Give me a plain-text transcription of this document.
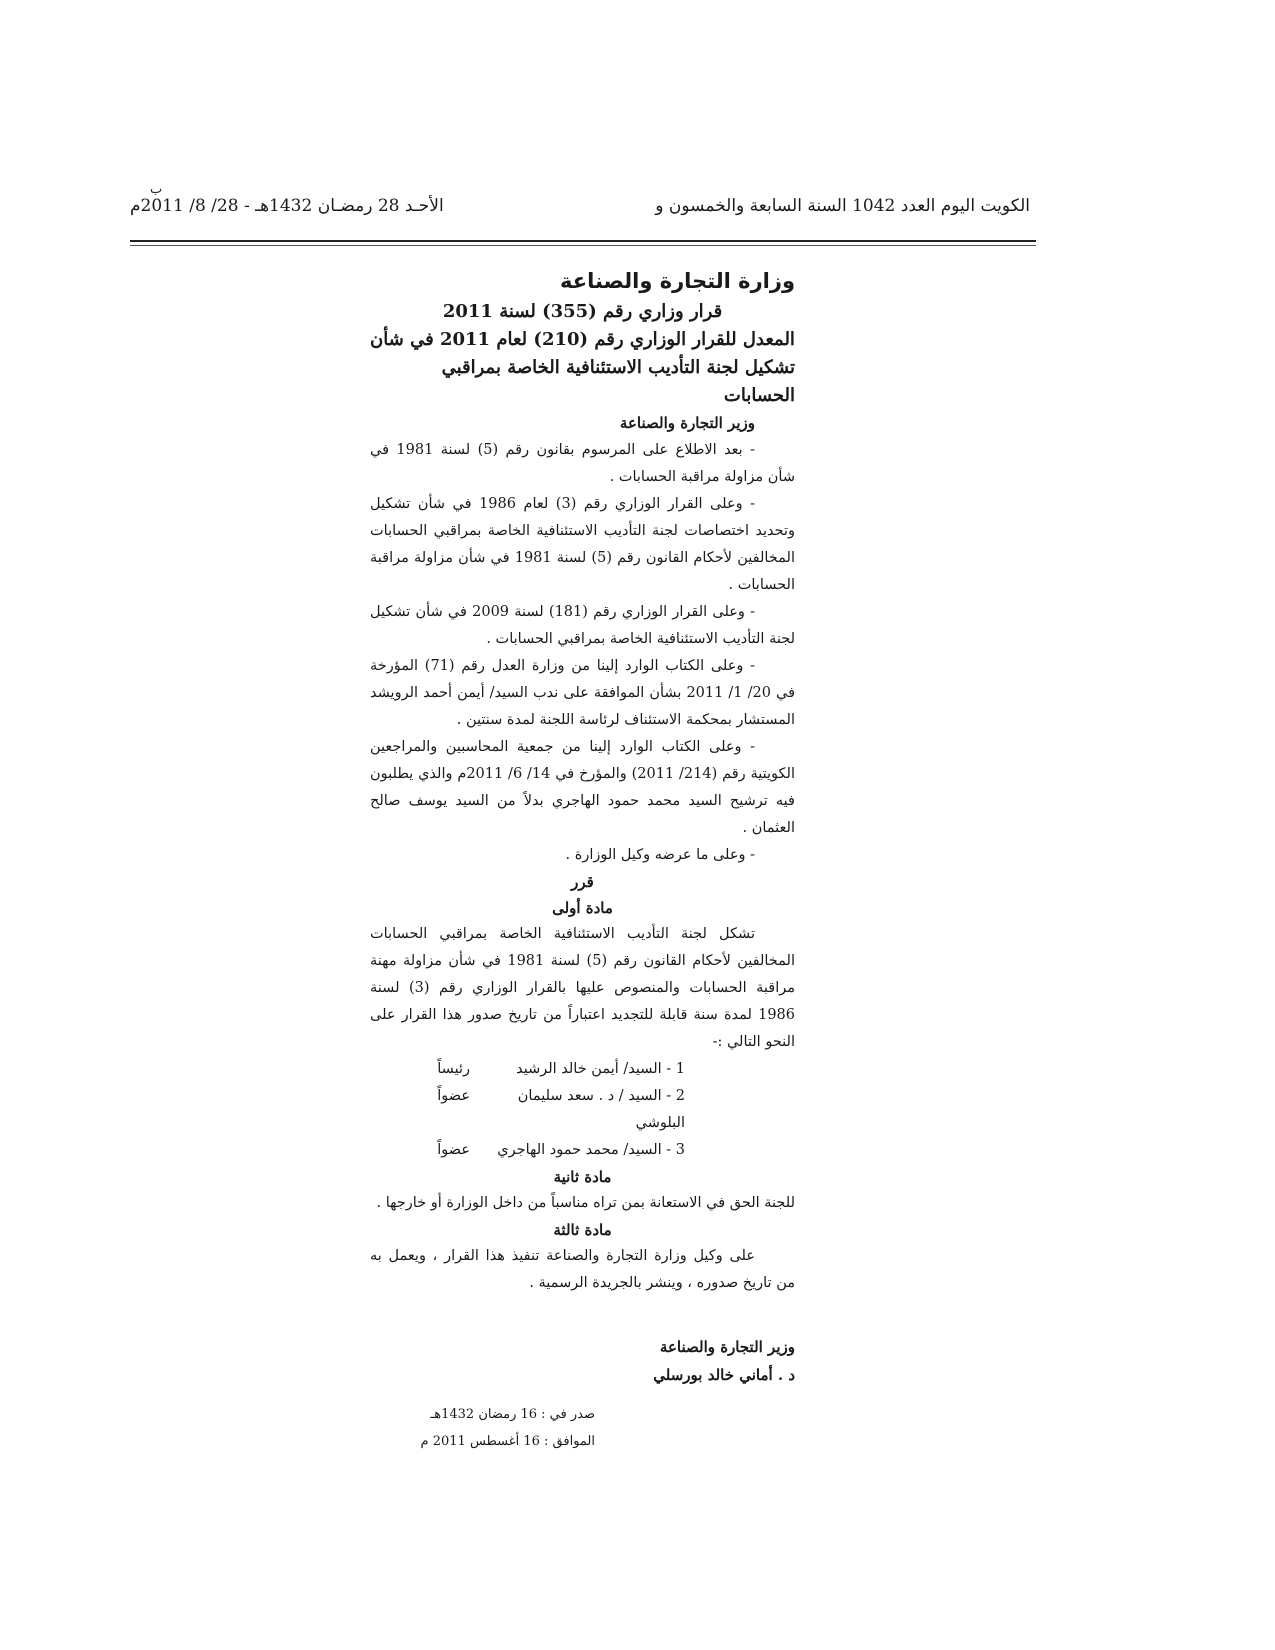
ب
الكويت اليوم العدد 1042 السنة السابعة والخمسون و
الأحـد 28 رمضـان 1432هـ - 28/ 8/ 2011م
وزارة التجارة والصناعة
قرار وزاري رقم (355) لسنة 2011
المعدل للقرار الوزاري رقم (210) لعام 2011 في شأن
تشكيل لجنة التأديب الاستئنافية الخاصة بمراقبي الحسابات
وزير التجارة والصناعة

- بعد الاطلاع على المرسوم بقانون رقم (5) لسنة 1981 في شأن مزاولة مراقبة الحسابات .

- وعلى القرار الوزاري رقم (3) لعام 1986 في شأن تشكيل وتحديد اختصاصات لجنة التأديب الاستئنافية الخاصة بمراقبي الحسابات المخالفين لأحكام القانون رقم (5) لسنة 1981 في شأن مزاولة مراقبة الحسابات .

- وعلى القرار الوزاري رقم (181) لسنة 2009 في شأن تشكيل لجنة التأديب الاستئنافية الخاصة بمراقبي الحسابات .

- وعلى الكتاب الوارد إلينا من وزارة العدل رقم (71) المؤرخة في 20/ 1/ 2011 بشأن الموافقة على ندب السيد/ أيمن أحمد الرويشد المستشار بمحكمة الاستئناف لرئاسة اللجنة لمدة سنتين .

- وعلى الكتاب الوارد إلينا من جمعية المحاسبين والمراجعين الكويتية رقم (214/ 2011) والمؤرخ في 14/ 6/ 2011م والذي يطلبون فيه ترشيح السيد محمد حمود الهاجري بدلاً من السيد يوسف صالح العثمان .

- وعلى ما عرضه وكيل الوزارة .

قرر
مادة أولى

تشكل لجنة التأديب الاستئنافية الخاصة بمراقبي الحسابات المخالفين لأحكام القانون رقم (5) لسنة 1981 في شأن مزاولة مهنة مراقبة الحسابات والمنصوص عليها بالقرار الوزاري رقم (3) لسنة 1986 لمدة سنة قابلة للتجديد اعتباراً من تاريخ صدور هذا القرار على النحو التالي :-

1 - السيد/ أيمن خالد الرشيد
رئيساً
2 - السيد / د . سعد سليمان البلوشي
عضواً
3 - السيد/ محمد حمود الهاجري
عضواً
مادة ثانية

للجنة الحق في الاستعانة بمن تراه مناسباً من داخل الوزارة أو خارجها .

مادة ثالثة

على وكيل وزارة التجارة والصناعة تنفيذ هذا القرار ، ويعمل به من تاريخ صدوره ، وينشر بالجريدة الرسمية .

وزير التجارة والصناعة
د . أماني خالد بورسلي
صدر في : 16 رمضان 1432هـ
الموافق : 16 أغسطس 2011 م
